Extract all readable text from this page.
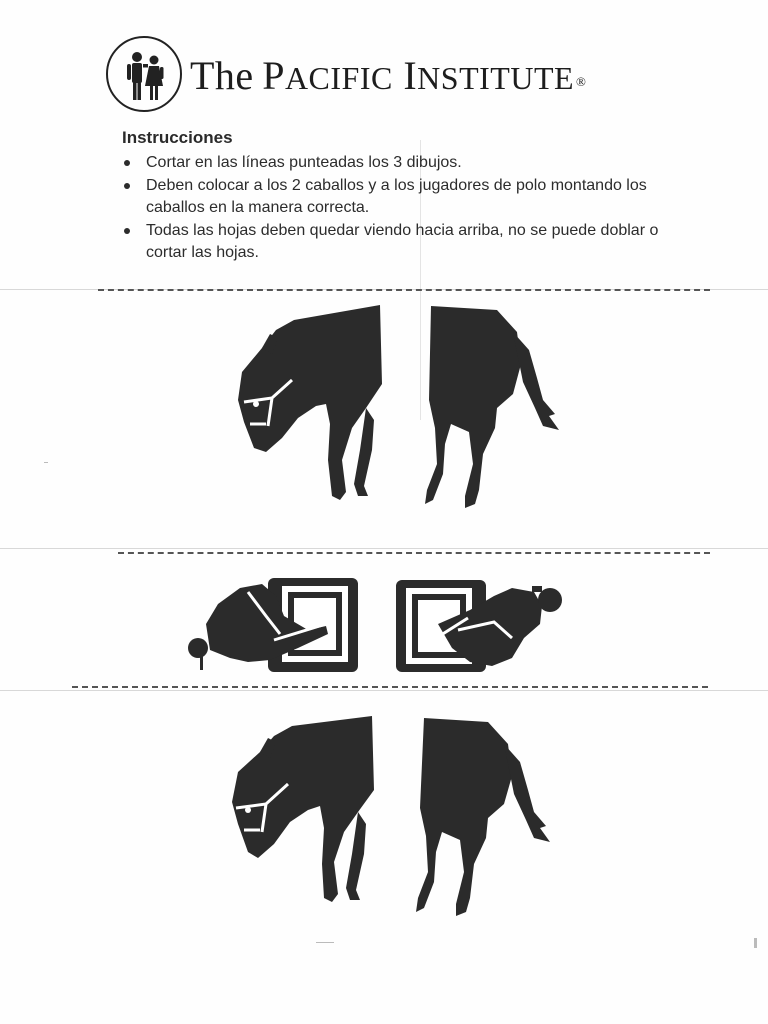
The PACIFIC INSTITUTE ®
Instrucciones
Cortar en las líneas punteadas los 3 dibujos.
Deben colocar a los 2 caballos y a los jugadores de polo montando los caballos en la manera correcta.
Todas las hojas deben quedar viendo hacia arriba, no se puede doblar o cortar las hojas.
